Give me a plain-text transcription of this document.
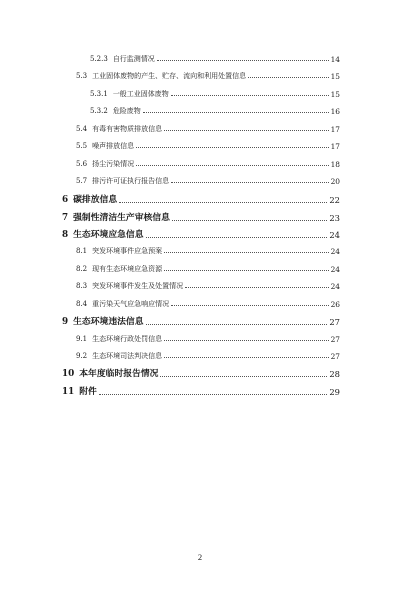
5.2.3 自行监测情况	14
5.3 工业固体废物的产生、贮存、流向和利用处置信息	15
5.3.1 一般工业固体废物	15
5.3.2 危险废物	16
5.4 有毒有害物质排放信息	17
5.5 噪声排放信息	17
5.6 扬尘污染情况	18
5.7 排污许可证执行报告信息	20
6 碳排放信息	22
7 强制性清洁生产审核信息	23
8 生态环境应急信息	24
8.1 突发环境事件应急预案	24
8.2 现有生态环境应急资源	24
8.3 突发环境事件发生及处置情况	24
8.4 重污染天气应急响应情况	26
9 生态环境违法信息	27
9.1 生态环境行政处罚信息	27
9.2 生态环境司法判决信息	27
10 本年度临时报告情况	28
11 附件	29
2
